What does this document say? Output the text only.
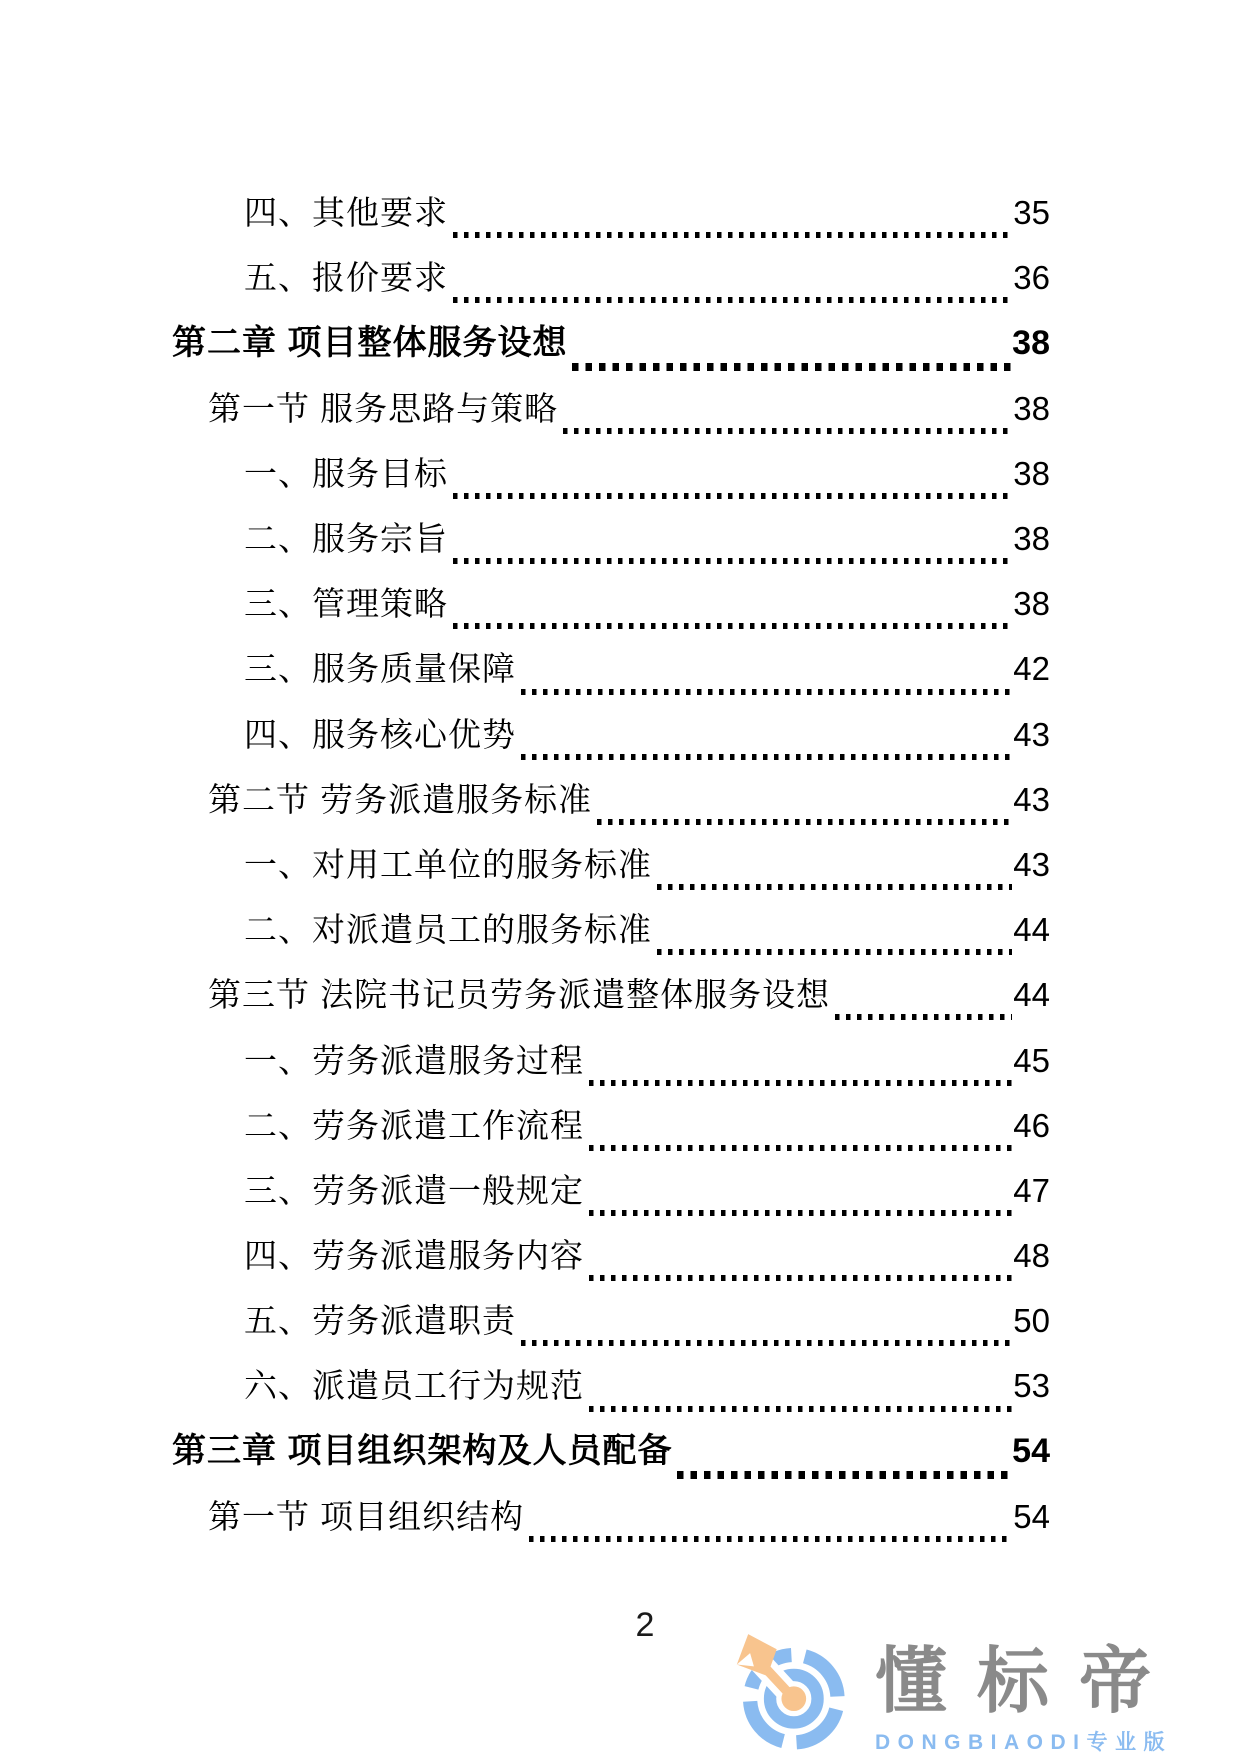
四、其他要求	35
五、报价要求	36
第二章 项目整体服务设想	38
第一节 服务思路与策略	38
一、服务目标	38
二、服务宗旨	38
三、管理策略	38
三、服务质量保障	42
四、服务核心优势	43
第二节 劳务派遣服务标准	43
一、对用工单位的服务标准	43
二、对派遣员工的服务标准	44
第三节 法院书记员劳务派遣整体服务设想	44
一、劳务派遣服务过程	45
二、劳务派遣工作流程	46
三、劳务派遣一般规定	47
四、劳务派遣服务内容	48
五、劳务派遣职责	50
六、派遣员工行为规范	53
第三章 项目组织架构及人员配备	54
第一节 项目组织结构	54
2
懂标帝
DONGBIAODI专业版
